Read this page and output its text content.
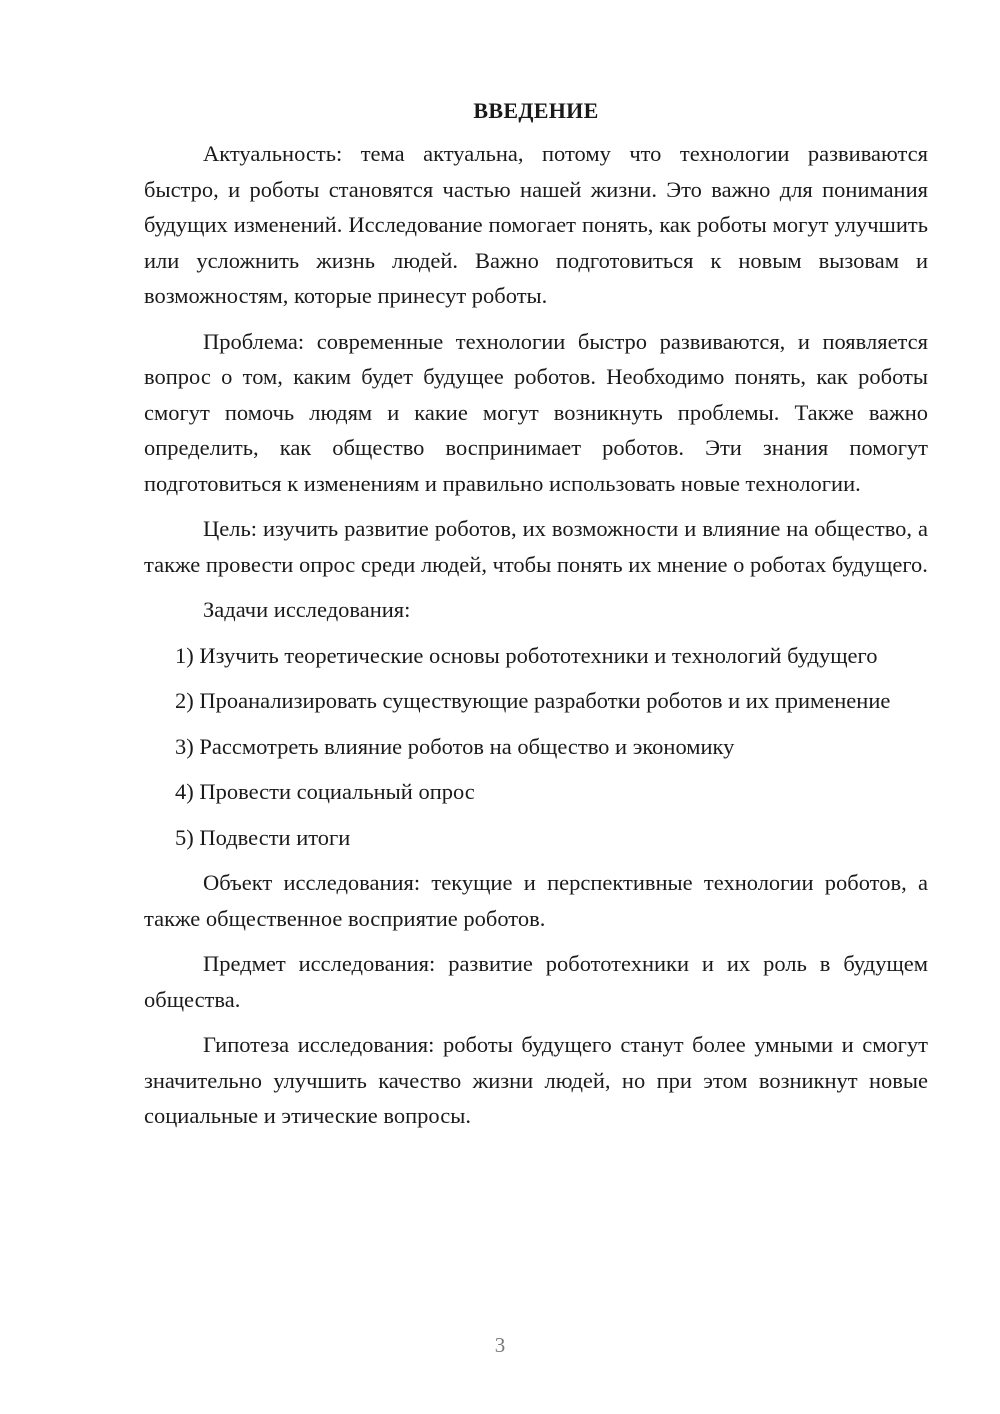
ВВЕДЕНИЕ

Актуальность: тема актуальна, потому что технологии развиваются быстро, и роботы становятся частью нашей жизни. Это важно для понимания будущих изменений. Исследование помогает понять, как роботы могут улучшить или усложнить жизнь людей. Важно подготовиться к новым вызовам и возможностям, которые принесут роботы.

Проблема: современные технологии быстро развиваются, и появляется вопрос о том, каким будет будущее роботов. Необходимо понять, как роботы смогут помочь людям и какие могут возникнуть проблемы. Также важно определить, как общество воспринимает роботов. Эти знания помогут подготовиться к изменениям и правильно использовать новые технологии.

Цель: изучить развитие роботов, их возможности и влияние на общество, а также провести опрос среди людей, чтобы понять их мнение о роботах будущего.

Задачи исследования:

1) Изучить теоретические основы робототехники и технологий будущего

2) Проанализировать существующие разработки роботов и их применение

3) Рассмотреть влияние роботов на общество и экономику

4) Провести социальный опрос

5) Подвести итоги

Объект исследования: текущие и перспективные технологии роботов, а также общественное восприятие роботов.

Предмет исследования: развитие робототехники и их роль в будущем общества.

Гипотеза исследования: роботы будущего станут более умными и смогут значительно улучшить качество жизни людей, но при этом возникнут новые социальные и этические вопросы.

3
